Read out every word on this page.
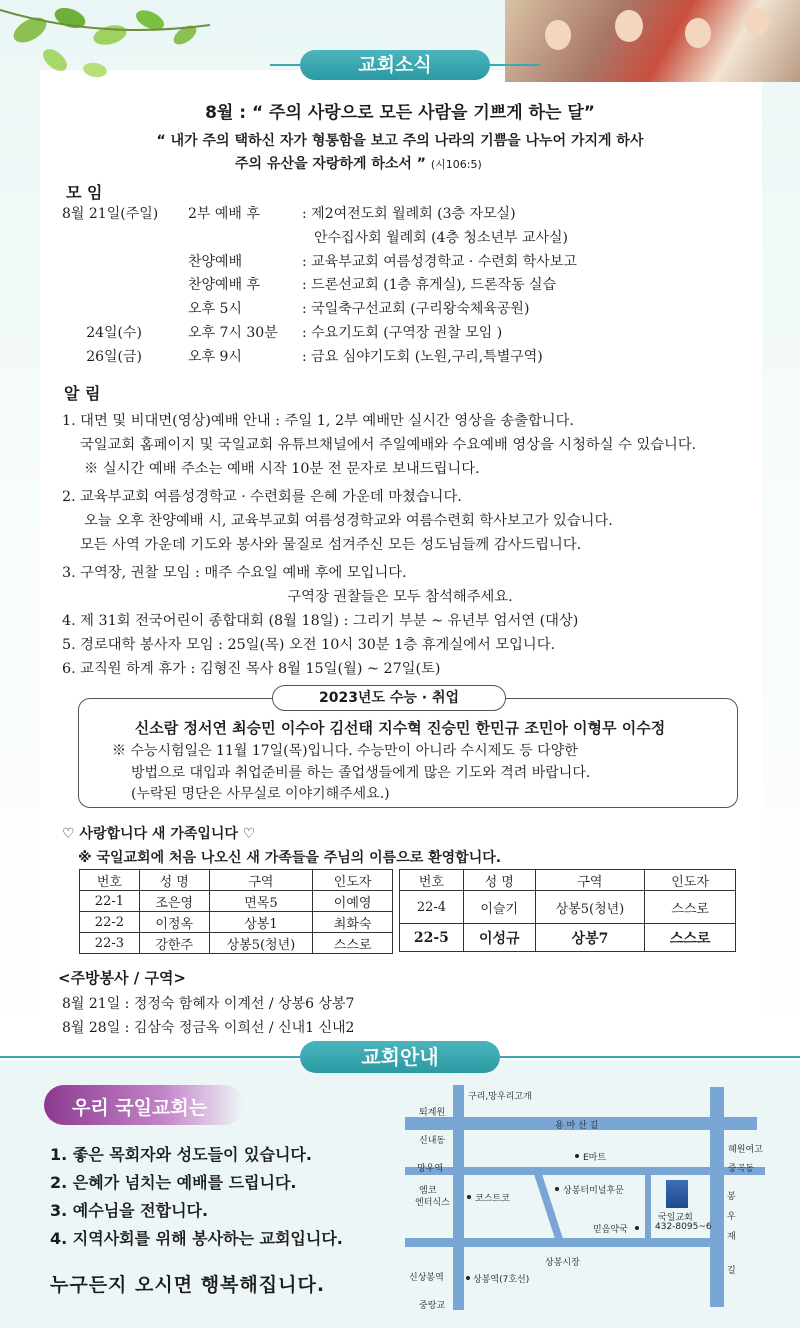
교회소식
8월 : “ 주의 사랑으로 모든 사람을 기쁘게 하는 달”
“ 내가 주의 택하신 자가 형통함을 보고 주의 나라의 기쁨을 나누어 가지게 하사
주의 유산을 자랑하게 하소서 ” (시106:5)
모 임
8월 21일(주일) 2부 예배 후	: 제2여전도회 월례회 (3층 자모실)
안수집사회 월례회 (4층 청소년부 교사실)
찬양예배	: 교육부교회 여름성경학교 · 수련회 학사보고
찬양예배 후	: 드론선교회 (1층 휴게실), 드론작동 실습
오후 5시	: 국일축구선교회 (구리왕숙체육공원)
24일(수)	오후 7시 30분 : 수요기도회 (구역장 권찰 모임 )
26일(금)	오후 9시	: 금요 심야기도회 (노원,구리,특별구역)
알 림
1. 대면 및 비대면(영상)예배 안내 : 주일 1, 2부 예배만 실시간 영상을 송출합니다.
국일교회 홈페이지 및 국일교회 유튜브채널에서 주일예배와 수요예배 영상을 시청하실 수 있습니다.
※ 실시간 예배 주소는 예배 시작 10분 전 문자로 보내드립니다.
2. 교육부교회 여름성경학교 · 수련회를 은혜 가운데 마쳤습니다.
오늘 오후 찬양예배 시, 교육부교회 여름성경학교와 여름수련회 학사보고가 있습니다.
모든 사역 가운데 기도와 봉사와 물질로 섬겨주신 모든 성도님들께 감사드립니다.
3. 구역장, 권찰 모임 : 매주 수요일 예배 후에 모입니다.
구역장 권찰들은 모두 참석해주세요.
4. 제 31회 전국어린이 종합대회 (8월 18일) : 그리기 부분 ~ 유년부 엄서연 (대상)
5. 경로대학 봉사자 모임 : 25일(목) 오전 10시 30분 1층 휴게실에서 모입니다.
6. 교직원 하계 휴가 : 김형진 목사 8월 15일(월) ~ 27일(토)
2023년도 수능 · 취업
신소람 정서연 최승민 이수아 김선태 지수혁 진승민 한민규 조민아 이형무 이수정
※ 수능시험일은 11월 17일(목)입니다. 수능만이 아니라 수시제도 등 다양한
방법으로 대입과 취업준비를 하는 졸업생들에게 많은 기도와 격려 바랍니다.
(누락된 명단은 사무실로 이야기해주세요.)
♡ 사랑합니다 새 가족입니다 ♡
※ 국일교회에 처음 나오신 새 가족들을 주님의 이름으로 환영합니다.
번호	성 명	구역	인도자
22-1	조은영	면목5	이예영
22-2	이정옥	상봉1	최화숙
22-3	강한주	상봉5(청년)	스스로
번호	성 명	구역	인도자
22-4	이슬기	상봉5(청년)	스스로
22-5	이성규	상봉7	스스로
<주방봉사 / 구역>
8월 21일 : 정정숙 함혜자 이계선 / 상봉6 상봉7
8월 28일 : 김삼숙 정금옥 이희선 / 신내1 신내2
교회안내
우리 국일교회는
1. 좋은 목회자와 성도들이 있습니다.
2. 은혜가 넘치는 예배를 드립니다.
3. 예수님을 전합니다.
4. 지역사회를 위해 봉사하는 교회입니다.
누구든지 오시면 행복해집니다.
구리,망우리고개
퇴계원
용 마 산 길
신내동
E마트
혜원여고
중곡동
망우역
엠코
엔터식스	코스트코
상봉터미널후문
믿음약국
국일교회
432-8095~6
상봉시장
신상봉역	상봉역(7호선)
중랑교
봉
우
재
길
